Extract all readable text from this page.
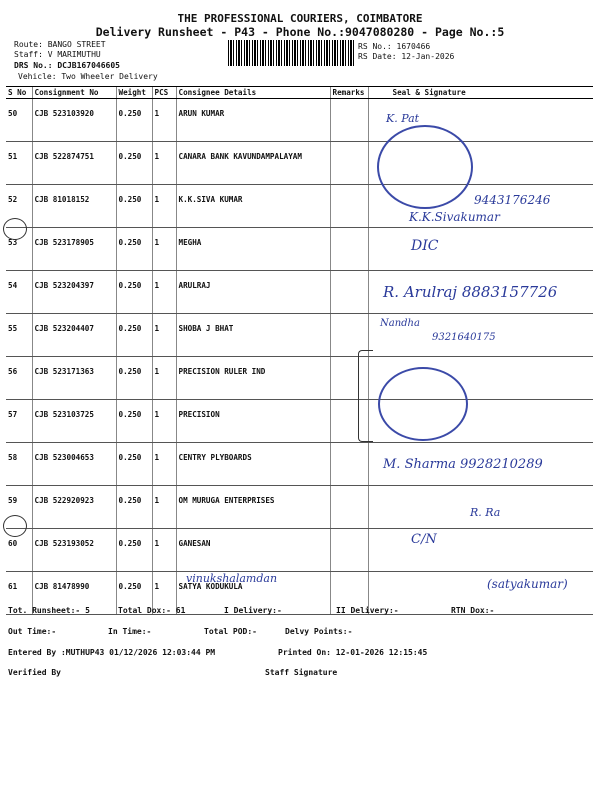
THE PROFESSIONAL COURIERS, COIMBATORE
Delivery Runsheet - P43 - Phone No.:9047080280 - Page No.:5
Route: BANGO STREET
Staff: V MARIMUTHU
DRS No.: DCJB167046605
Vehicle: Two Wheeler Delivery
RS No.: 1670466
RS Date: 12-Jan-2026
S No	Consignment No	Weight	PCS	Consignee Details	Remarks	Seal & Signature
50	CJB 523103920	0.250	1	ARUN KUMAR		
51	CJB 522874751	0.250	1	CANARA BANK KAVUNDAMPALAYAM		
52	CJB 81018152	0.250	1	K.K.SIVA KUMAR		
53	CJB 523178905	0.250	1	MEGHA		
54	CJB 523204397	0.250	1	ARULRAJ		
55	CJB 523204407	0.250	1	SHOBA J BHAT		
56	CJB 523171363	0.250	1	PRECISION RULER IND		
57	CJB 523103725	0.250	1	PRECISION		
58	CJB 523004653	0.250	1	CENTRY PLYBOARDS		
59	CJB 522920923	0.250	1	OM MURUGA ENTERPRISES		
60	CJB 523193052	0.250	1	GANESAN		
61	CJB 81478990	0.250	1	SATYA KODUKULA		
K. Pat
9443176246
K.K.Sivakumar
DIC
R. Arulraj 8883157726
Nandha
9321640175
M. Sharma 9928210289
R. Ra
C/N
vinukshalamdan	(satyakumar)
Tot. Runsheet:- 5	Total Dox:- 61	I Delivery:-	II Delivery:-	RTN Dox:-
Out Time:-	In Time:-	Total POD:-	Delvy Points:-
Entered By :MUTHUP43 01/12/2026 12:03:44 PM	Printed On: 12-01-2026 12:15:45
Verified By	Staff Signature
